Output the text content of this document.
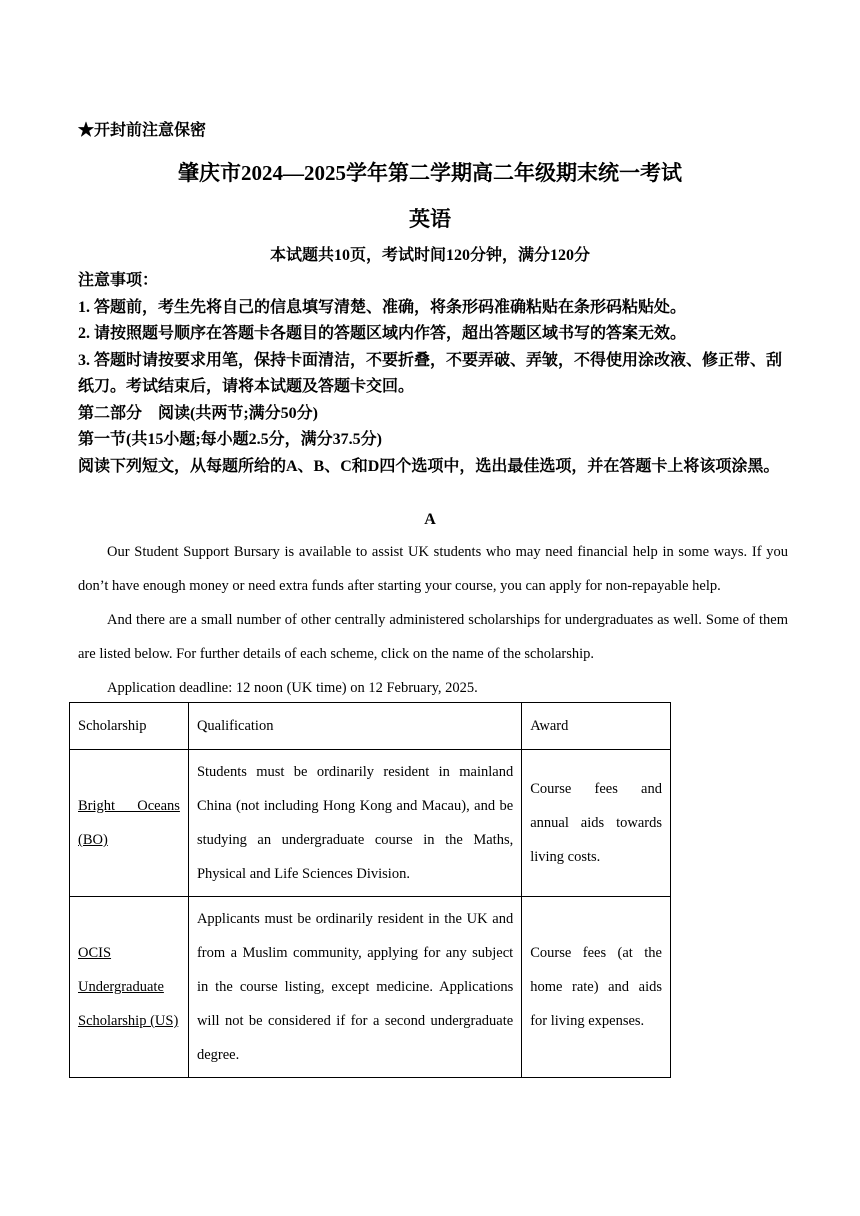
★开封前注意保密
肇庆市2024—2025学年第二学期高二年级期末统一考试
英语
本试题共10页，考试时间120分钟，满分120分

注意事项：

1. 答题前，考生先将自己的信息填写清楚、准确，将条形码准确粘贴在条形码粘贴处。

2. 请按照题号顺序在答题卡各题目的答题区域内作答，超出答题区域书写的答案无效。

3. 答题时请按要求用笔，保持卡面清洁，不要折叠，不要弄破、弄皱，不得使用涂改液、修正带、刮纸刀。考试结束后，请将本试题及答题卡交回。

第二部分　阅读(共两节;满分50分)

第一节(共15小题;每小题2.5分，满分37.5分)

阅读下列短文，从每题所给的A、B、C和D四个选项中，选出最佳选项，并在答题卡上将该项涂黑。

A

Our Student Support Bursary is available to assist UK students who may need financial help in some ways. If you don’t have enough money or need extra funds after starting your course, you can apply for non-repayable help.

And there are a small number of other centrally administered scholarships for undergraduates as well. Some of them are listed below. For further details of each scheme, click on the name of the scholarship.

Application deadline: 12 noon (UK time) on 12 February, 2025.

Scholarship	Qualification	Award
Bright Oceans (BO)	Students must be ordinarily resident in mainland China (not including Hong Kong and Macau), and be studying an undergraduate course in the Maths, Physical and Life Sciences Division.	Course fees and annual aids towards living costs.
OCIS Undergraduate Scholarship (US)	Applicants must be ordinarily resident in the UK and from a Muslim community, applying for any subject in the course listing, except medicine. Applications will not be considered if for a second undergraduate degree.	Course fees (at the home rate) and aids for living expenses.
